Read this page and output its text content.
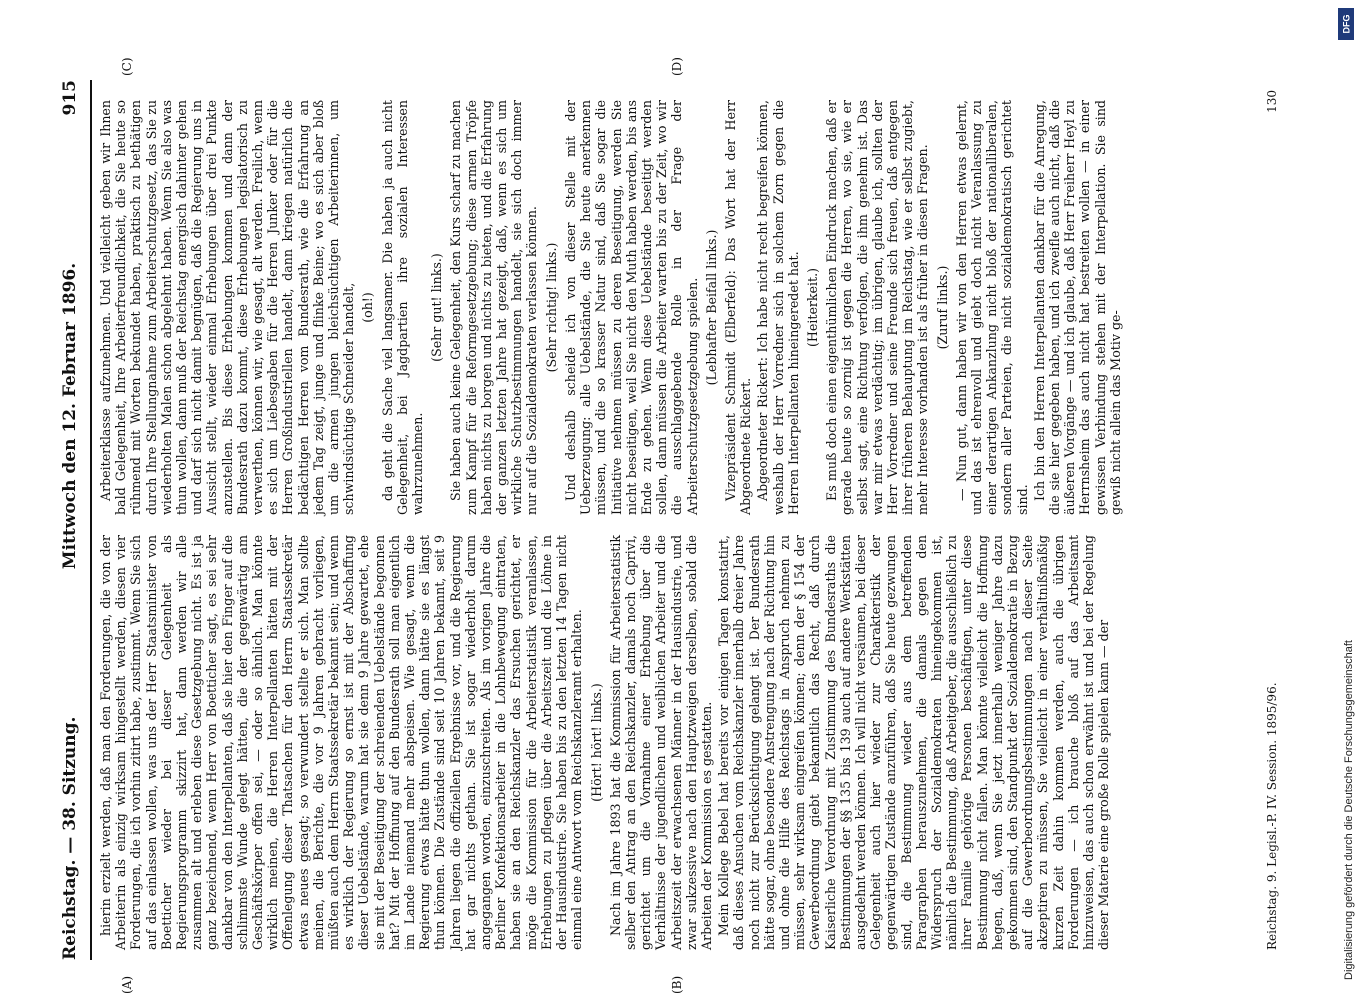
Reichstag. — 38. Sitzung.
Mittwoch den 12. Februar 1896.
915
(A)	(B)
(C)	(D)

hierin erzielt werden, daß man den Forderungen, die von der Arbeiterin als einzig wirksam hingestellt werden, diesen vier Forderungen, die ich vorhin zitirt habe, zustimmt. Wenn Sie sich auf das einlassen wollen, was uns der Herr Staatsminister von Boetticher wieder bei dieser Gelegenheit als Regierungsprogramm skizzirt hat, dann werden wir alle zusammen alt und erleben diese Gesetzgebung nicht. Es ist ja ganz bezeichnend, wenn Herr von Boetticher sagt, es sei sehr dankbar von den Interpellanten, daß sie hier den Finger auf die schlimmste Wunde gelegt hätten, die der gegenwärtig am Geschäftskörper offen sei, — oder so ähnlich. Man könnte wirklich meinen, die Herren Interpellanten hätten mit der Offenlegung dieser Thatsachen für den Herrn Staatssekretär etwas neues gesagt; so verwundert stellte er sich. Man sollte meinen, die Berichte, die vor 9 Jahren gebracht vorliegen, müßten auch dem Herrn Staatssekretär bekannt sein; und wenn es wirklich der Regierung so ernst ist mit der Abschaffung dieser Uebelstände, warum hat sie denn 9 Jahre gewartet, ehe sie mit der Beseitigung der schreienden Uebelstände begonnen hat? Mit der Hoffnung auf den Bundesrath soll man eigentlich im Lande niemand mehr abspeisen. Wie gesagt, wenn die Regierung etwas hätte thun wollen, dann hätte sie es längst thun können. Die Zustände sind seit 10 Jahren bekannt, seit 9 Jahren liegen die offiziellen Ergebnisse vor, und die Regierung hat gar nichts gethan. Sie ist sogar wiederholt darum angegangen worden, einzuschreiten. Als im vorigen Jahre die Berliner Konfektionsarbeiter in die Lohnbewegung eintraten, haben sie an den Reichskanzler das Ersuchen gerichtet, er möge die Kommission für die Arbeiterstatistik veranlassen, Erhebungen zu pflegen über die Arbeitszeit und die Löhne in der Hausindustrie. Sie haben bis zu den letzten 14 Tagen nicht einmal eine Antwort vom Reichskanzleramt erhalten. (Hört! hört! links.) Nach im Jahre 1893 hat die Kommission für Arbeiterstatistik selber den Antrag an den Reichskanzler, damals noch Caprivi, gerichtet um die Vornahme einer Erhebung über die Verhältnisse der jugendlichen und weiblichen Arbeiter und die Arbeitszeit der erwachsenen Männer in der Hausindustrie, und zwar sukzessive nach den Hauptzweigen derselben, sobald die Arbeiten der Kommission es gestatten. Mein Kollege Bebel hat bereits vor einigen Tagen konstatirt, daß dieses Ansuchen vom Reichskanzler innerhalb dreier Jahre noch nicht zur Berücksichtigung gelangt ist. Der Bundesrath hätte sogar, ohne besondere Anstrengung nach der Richtung hin und ohne die Hilfe des Reichstags in Anspruch nehmen zu müssen, sehr wirksam eingreifen können; denn der § 154 der Gewerbeordnung giebt bekanntlich das Recht, daß durch Kaiserliche Verordnung mit Zustimmung des Bundesraths die Bestimmungen der §§ 135 bis 139 auch auf andere Werkstätten ausgedehnt werden können. Ich will nicht versäumen, bei dieser Gelegenheit auch hier wieder zur Charakteristik der gegenwärtigen Zustände anzuführen, daß Sie heute gezwungen sind, die Bestimmung wieder aus dem betreffenden Paragraphen herauszunehmen, die damals gegen den Widerspruch der Sozialdemokraten hineingekommen ist, nämlich die Bestimmung, daß Arbeitgeber, die ausschließlich zu ihrer Familie gehörige Personen beschäftigen, unter diese Bestimmung nicht fallen. Man könnte vielleicht die Hoffnung hegen, daß, wenn Sie jetzt innerhalb weniger Jahre dazu gekommen sind, den Standpunkt der Sozialdemokratie in Bezug auf die Gewerbeordnungsbestimmungen nach dieser Seite akzeptiren zu müssen, Sie vielleicht in einer verhältnißmäßig kurzen Zeit dahin kommen werden, auch die übrigen Forderungen — ich brauche bloß auf das Arbeitsamt hinzuweisen, das auch schon erwähnt ist und bei der Regelung dieser Materie eine große Rolle spielen kann — der

Arbeiterklasse aufzunehmen. Und vielleicht geben wir Ihnen bald Gelegenheit, Ihre Arbeiterfreundlichkeit, die Sie heute so rühmend mit Worten bekundet haben, praktisch zu bethätigen durch Ihre Stellungnahme zum Arbeiterschutzgesetz, das Sie zu wiederholten Malen schon abgelehnt haben. Wenn Sie also was thun wollen, dann muß der Reichstag energisch dahinter gehen und darf sich nicht damit begnügen, daß die Regierung uns in Aussicht stellt, wieder einmal Erhebungen über drei Punkte anzustellen. Bis diese Erhebungen kommen und dann der Bundesrath dazu kommt, diese Erhebungen legislatorisch zu verwerthen, können wir, wie gesagt, alt werden. Freilich, wenn es sich um Liebesgaben für die Herren Junker oder für die Herren Großindustriellen handelt, dann kriegen natürlich die bedächtigen Herren vom Bundesrath, wie die Erfahrung an jedem Tag zeigt, junge und flinke Beine; wo es sich aber bloß um die armen jungen bleichsüchtigen Arbeiterinnen, um schwindsüchtige Schneider handelt, (oh!) da geht die Sache viel langsamer. Die haben ja auch nicht Gelegenheit, bei Jagdpartien ihre sozialen Interessen wahrzunehmen.

(Sehr gut! links.) Sie haben auch keine Gelegenheit, den Kurs scharf zu machen zum Kampf für die Reformgesetzgebung; diese armen Tröpfe haben nichts zu borgen und nichts zu bieten, und die Erfahrung der ganzen letzten Jahre hat gezeigt, daß, wenn es sich um wirkliche Schutzbestimmungen handelt, sie sich doch immer nur auf die Sozialdemokraten verlassen können. (Sehr richtig! links.) Und deshalb scheide ich von dieser Stelle mit der Ueberzeugung: alle Uebelstände, die Sie heute anerkennen müssen, und die so krasser Natur sind, daß Sie sogar die Initiative nehmen müssen zu deren Beseitigung, werden Sie nicht beseitigen, weil Sie nicht den Muth haben werden, bis ans Ende zu gehen. Wenn diese Uebelstände beseitigt werden sollen, dann müssen die Arbeiter warten bis zu der Zeit, wo wir die ausschlaggebende Rolle in der Frage der Arbeiterschutzgesetzgebung spielen. (Lebhafter Beifall links.) Vizepräsident Schmidt (Elberfeld): Das Wort hat der Herr Abgeordnete Rickert. Abgeordneter Rickert: Ich habe nicht recht begreifen können, weshalb der Herr Vorredner sich in solchem Zorn gegen die Herren Interpellanten hineingeredet hat. (Heiterkeit.) Es muß doch einen eigenthümlichen Eindruck machen, daß er gerade heute so zornig ist gegen die Herren, wo sie, wie er selbst sagt, eine Richtung verfolgen, die ihm genehm ist. Das war mir etwas verdächtig; im übrigen, glaube ich, sollten der Herr Vorredner und seine Freunde sich freuen, daß entgegen ihrer früheren Behauptung im Reichstag, wie er selbst zugiebt, mehr Interesse vorhanden ist als früher in diesen Fragen. (Zuruf links.) — Nun gut, dann haben wir von den Herren etwas gelernt, und das ist ehrenvoll und giebt doch nicht Veranlassung zu einer derartigen Ankanzlung nicht bloß der nationalliberalen, sondern aller Parteien, die nicht sozialdemokratisch gerichtet sind. Ich bin den Herren Interpellanten dankbar für die Anregung, die sie hier gegeben haben, und ich zweifle auch nicht, daß die äußeren Vorgänge — und ich glaube, daß Herr Freiherr Heyl zu Herrnsheim das auch nicht hat bestreiten wollen — in einer gewissen Verbindung stehen mit der Interpellation. Sie sind gewiß nicht allein das Motiv ge-

Reichstag. 9. Legisl.-P. IV. Session. 1895/96.
130
DFG
Digitalisierung gefördert durch die Deutsche Forschungsgemeinschaft
